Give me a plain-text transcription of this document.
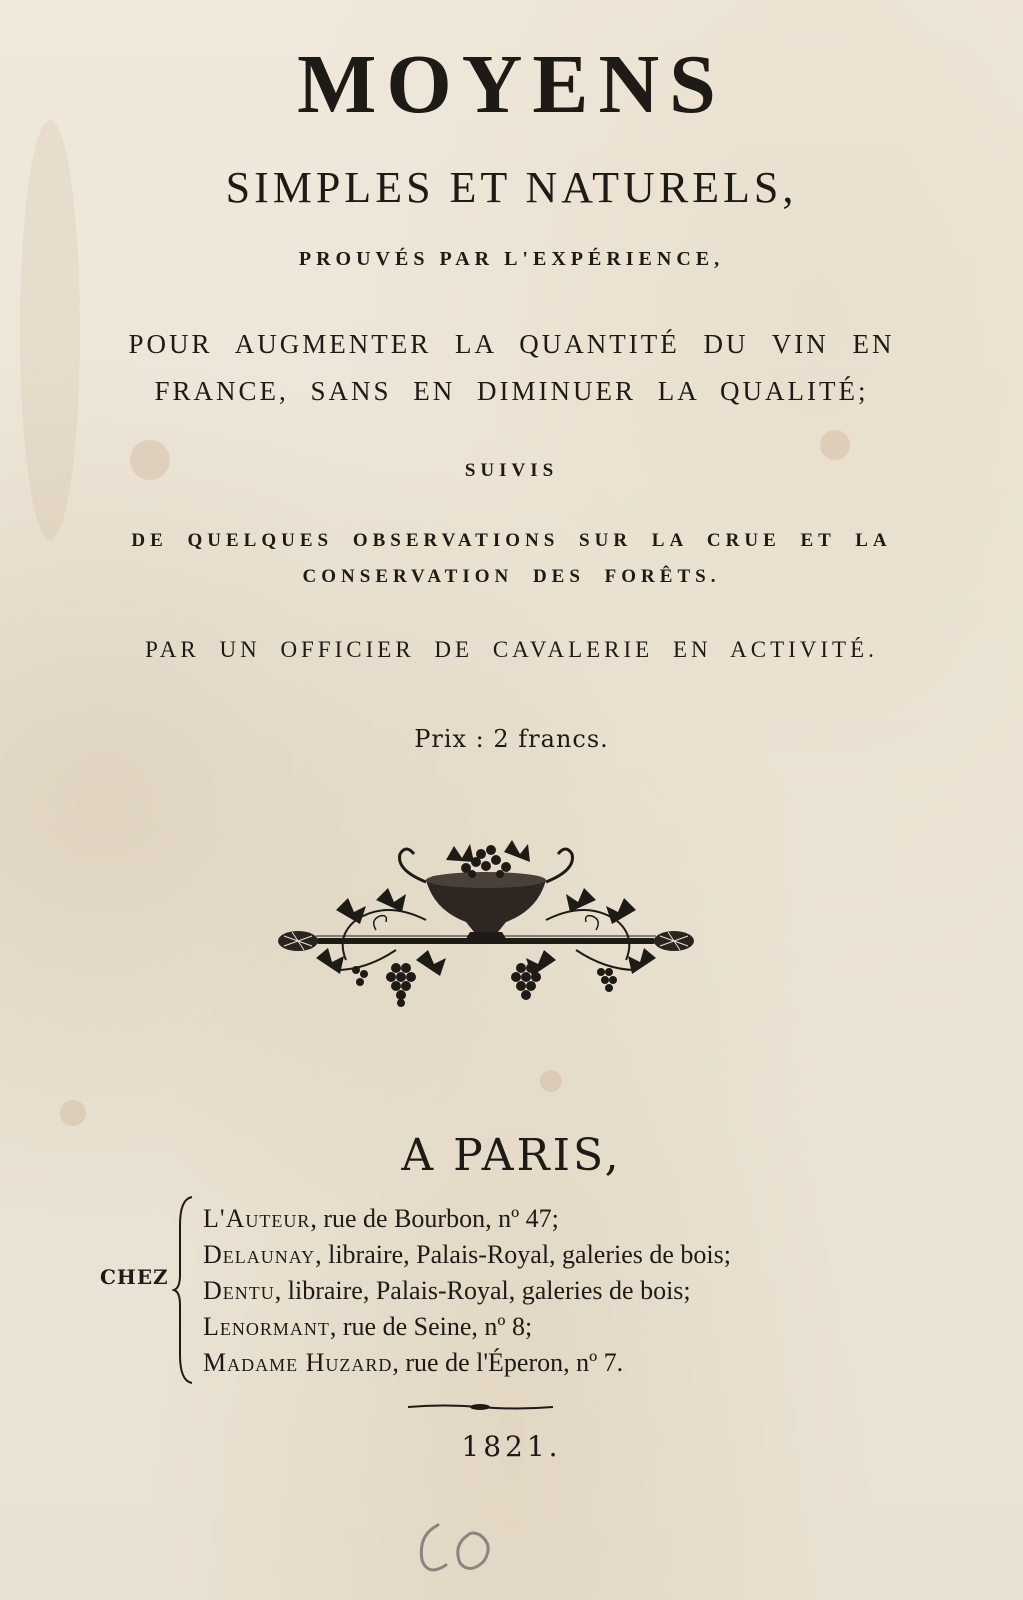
MOYENS
SIMPLES ET NATURELS,
PROUVÉS PAR L'EXPÉRIENCE,
POUR AUGMENTER LA QUANTITÉ DU VIN EN
FRANCE, SANS EN DIMINUER LA QUALITÉ;
SUIVIS
DE QUELQUES OBSERVATIONS SUR LA CRUE ET LA
CONSERVATION DES FORÊTS.
PAR UN OFFICIER DE CAVALERIE EN ACTIVITÉ.
Prix : 2 francs.
A PARIS,
CHEZ
L'Auteur, rue de Bourbon, nº 47;
Delaunay, libraire, Palais-Royal, galeries de bois;
Dentu, libraire, Palais-Royal, galeries de bois;
Lenormant, rue de Seine, nº 8;
Madame Huzard, rue de l'Éperon, nº 7.
1821.
